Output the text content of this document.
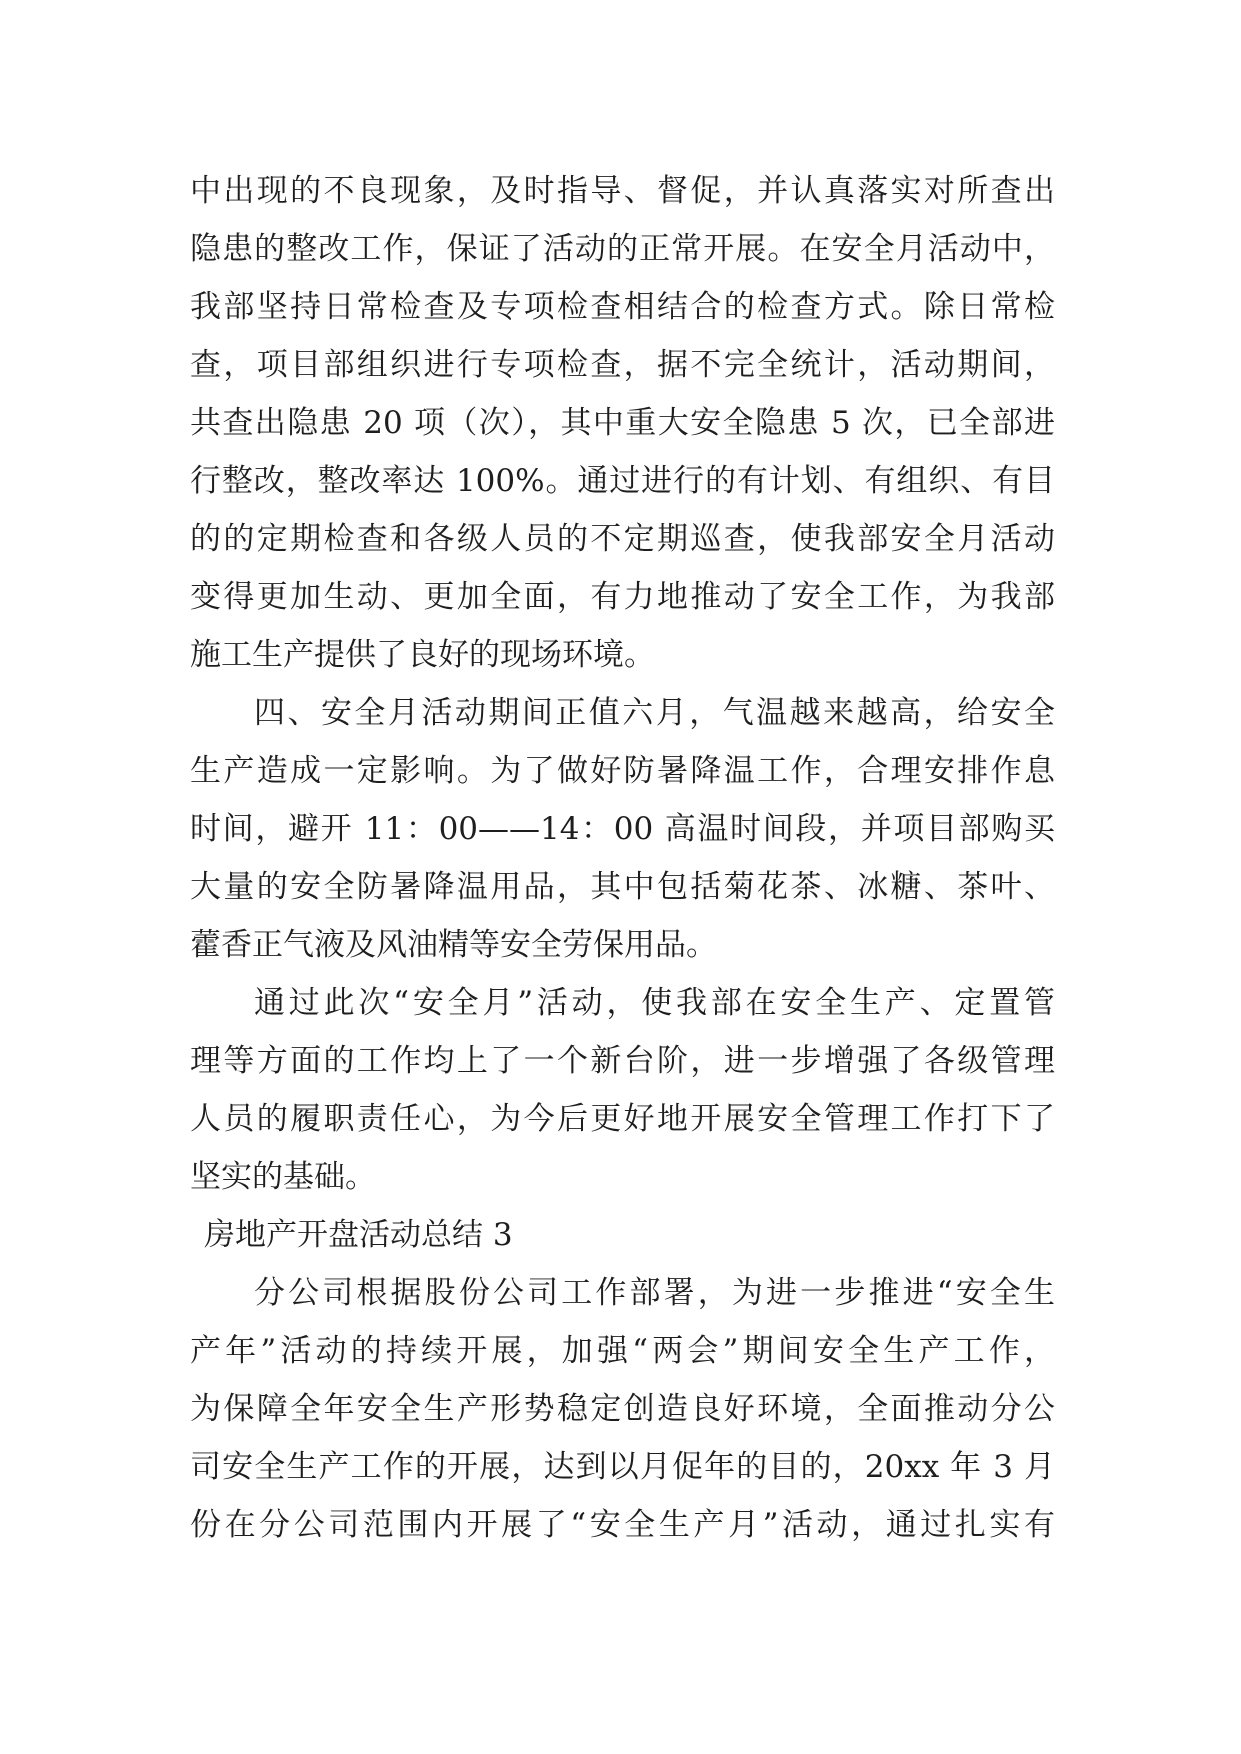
中出现的不良现象，及时指导、督促，并认真落实对所查出
隐患的整改工作，保证了活动的正常开展。在安全月活动中，
我部坚持日常检查及专项检查相结合的检查方式。除日常检
查，项目部组织进行专项检查，据不完全统计，活动期间，
共查出隐患 20 项（次），其中重大安全隐患 5 次，已全部进
行整改，整改率达 100%。通过进行的有计划、有组织、有目
的的定期检查和各级人员的不定期巡查，使我部安全月活动
变得更加生动、更加全面，有力地推动了安全工作，为我部
施工生产提供了良好的现场环境。
四、安全月活动期间正值六月，气温越来越高，给安全
生产造成一定影响。为了做好防暑降温工作，合理安排作息
时间，避开 11：00——14：00 高温时间段，并项目部购买
大量的安全防暑降温用品，其中包括菊花茶、冰糖、茶叶、
藿香正气液及风油精等安全劳保用品。
通过此次“安全月”活动，使我部在安全生产、定置管
理等方面的工作均上了一个新台阶，进一步增强了各级管理
人员的履职责任心，为今后更好地开展安全管理工作打下了
坚实的基础。
房地产开盘活动总结 3
分公司根据股份公司工作部署，为进一步推进“安全生
产年”活动的持续开展，加强“两会”期间安全生产工作，
为保障全年安全生产形势稳定创造良好环境，全面推动分公
司安全生产工作的开展，达到以月促年的目的，20xx 年 3 月
份在分公司范围内开展了“安全生产月”活动，通过扎实有
